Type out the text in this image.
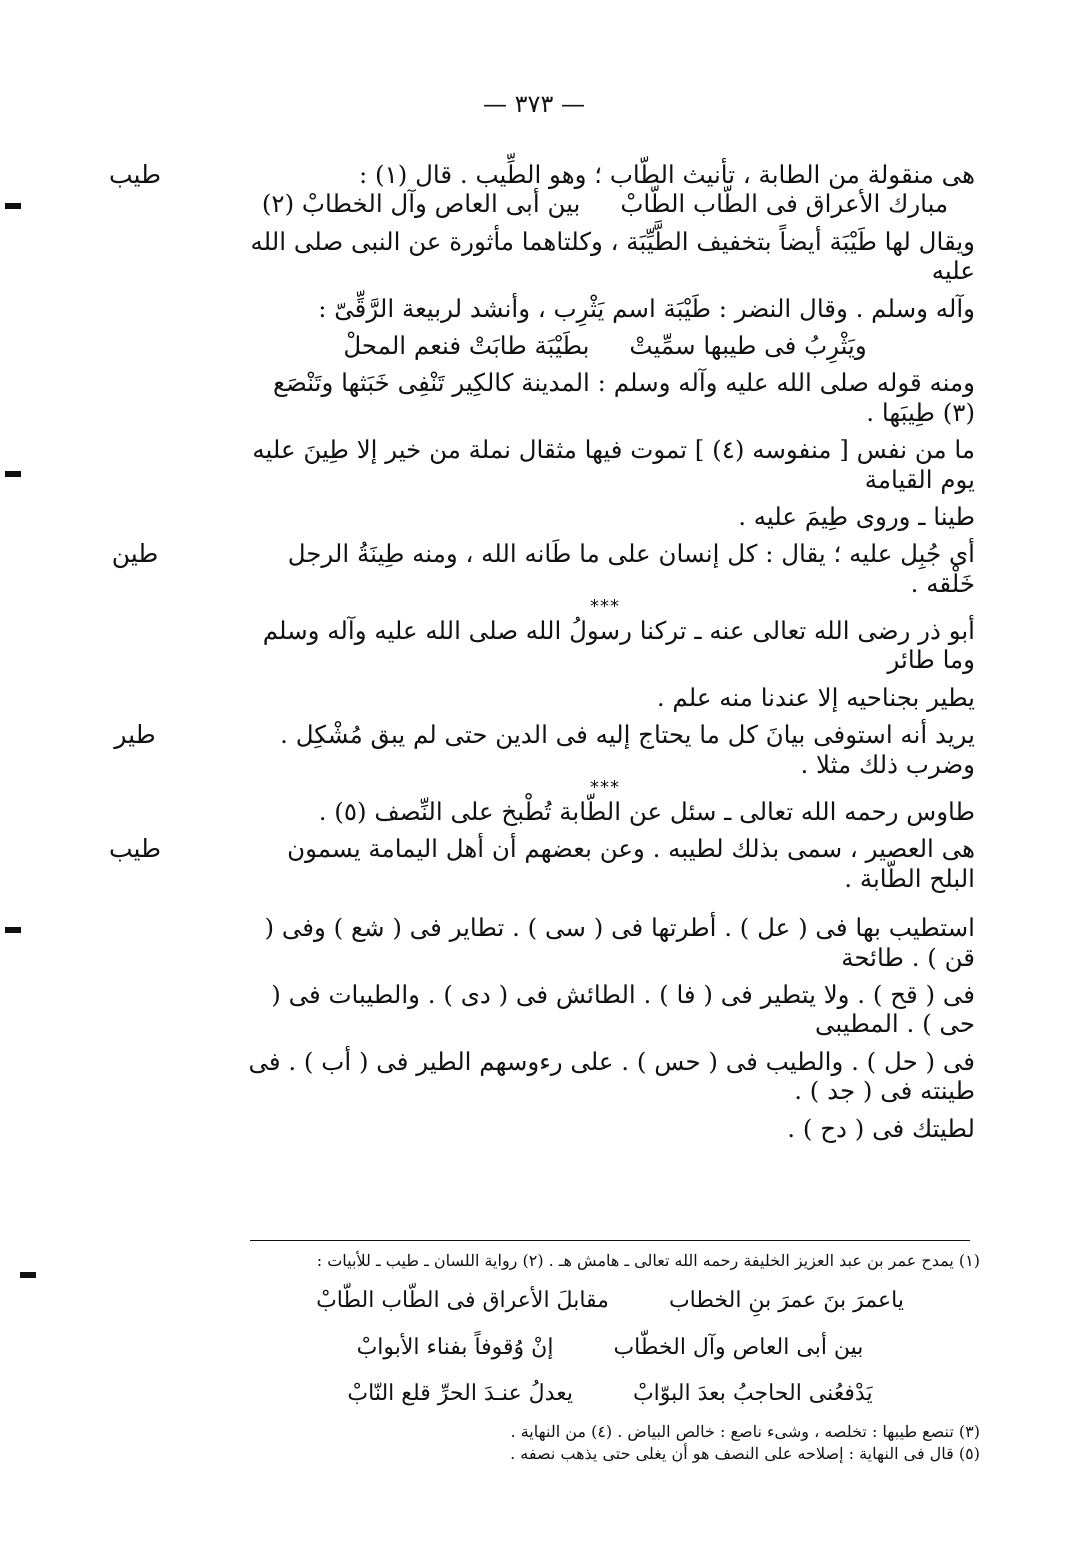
— ٣٧٣ —
طيب	هى منقولة من الطابة ، تأنيث الطّاب ؛ وهو الطِّيب . قال (١) :

مبارك الأعراق فى الطّاب الطّابْ
بين أبى العاص وآل الخطابْ (٢)

ويقال لها طَيْبَة أيضاً بتخفيف الطَّيِّبَة ، وكلتاهما مأثورة عن النبى صلى الله عليه

وآله وسلم . وقال النضر : طَيْبَة اسم يَثْرِب ، وأنشد لربيعة الرَّقِّىّ :

ويَثْرِبُ فى طيبها سمِّيتْ
بطَيْبَة طابَتْ فنعم المحلْ

ومنه قوله صلى الله عليه وآله وسلم : المدينة كالكِير تَنْفِى خَبَثها وتَنْصَع (٣) طِيبَها .

ما من نفس [ منفوسه (٤) ] تموت فيها مثقال نملة من خير إلا طِينَ عليه يوم القيامة

طينا ـ وروى طِيمَ عليه .

طين	أى جُبِل عليه ؛ يقال : كل إنسان على ما طَانه الله ، ومنه طِينَةُ الرجل خَلْقه .

***

أبو ذر رضى الله تعالى عنه ـ تركنا رسولُ الله صلى الله عليه وآله وسلم وما طائر

يطير بجناحيه إلا عندنا منه علم .

طير	يريد أنه استوفى بيانَ كل ما يحتاج إليه فى الدين حتى لم يبق مُشْكِل . وضرب ذلك مثلا .

***

طاوس رحمه الله تعالى ـ سئل عن الطّابة تُطْبخ على النِّصف (٥) .

طيب	هى العصير ، سمى بذلك لطيبه . وعن بعضهم أن أهل اليمامة يسمون البلح الطّابة .

استطيب بها فى ( عل ) . أطرتها فى ( سى ) . تطاير فى ( شع ) وفى ( قن ) . طائحة

فى ( قح ) . ولا يتطير فى ( فا ) . الطائش فى ( دى ) . والطيبات فى ( حى ) . المطيبى

فى ( حل ) . والطيب فى ( حس ) . على رءوسهم الطير فى ( أب ) . فى طينته فى ( جد ) .

لطيتك فى ( دح ) .

(١) يمدح عمر بن عبد العزيز الخليفة رحمه الله تعالى ـ هامش هـ . (٢) رواية اللسان ـ طيب ـ للأبيات :

ياعمرَ بنَ عمرَ بنِ الخطاب
مقابلَ الأعراق فى الطّاب الطّابْ
بين أبى العاص وآل الخطّاب
إنْ وُقوفاً بفناء الأبوابْ
يَدْفعُنى الحاجبُ بعدَ البوّابْ
يعدلُ عنـدَ الحرِّ قلع النّابْ

(٣) تنصع طيبها : تخلصه ، وشىء ناصع : خالص البياض . (٤) من النهاية .

(٥) قال فى النهاية : إصلاحه على النصف هو أن يغلى حتى يذهب نصفه .
